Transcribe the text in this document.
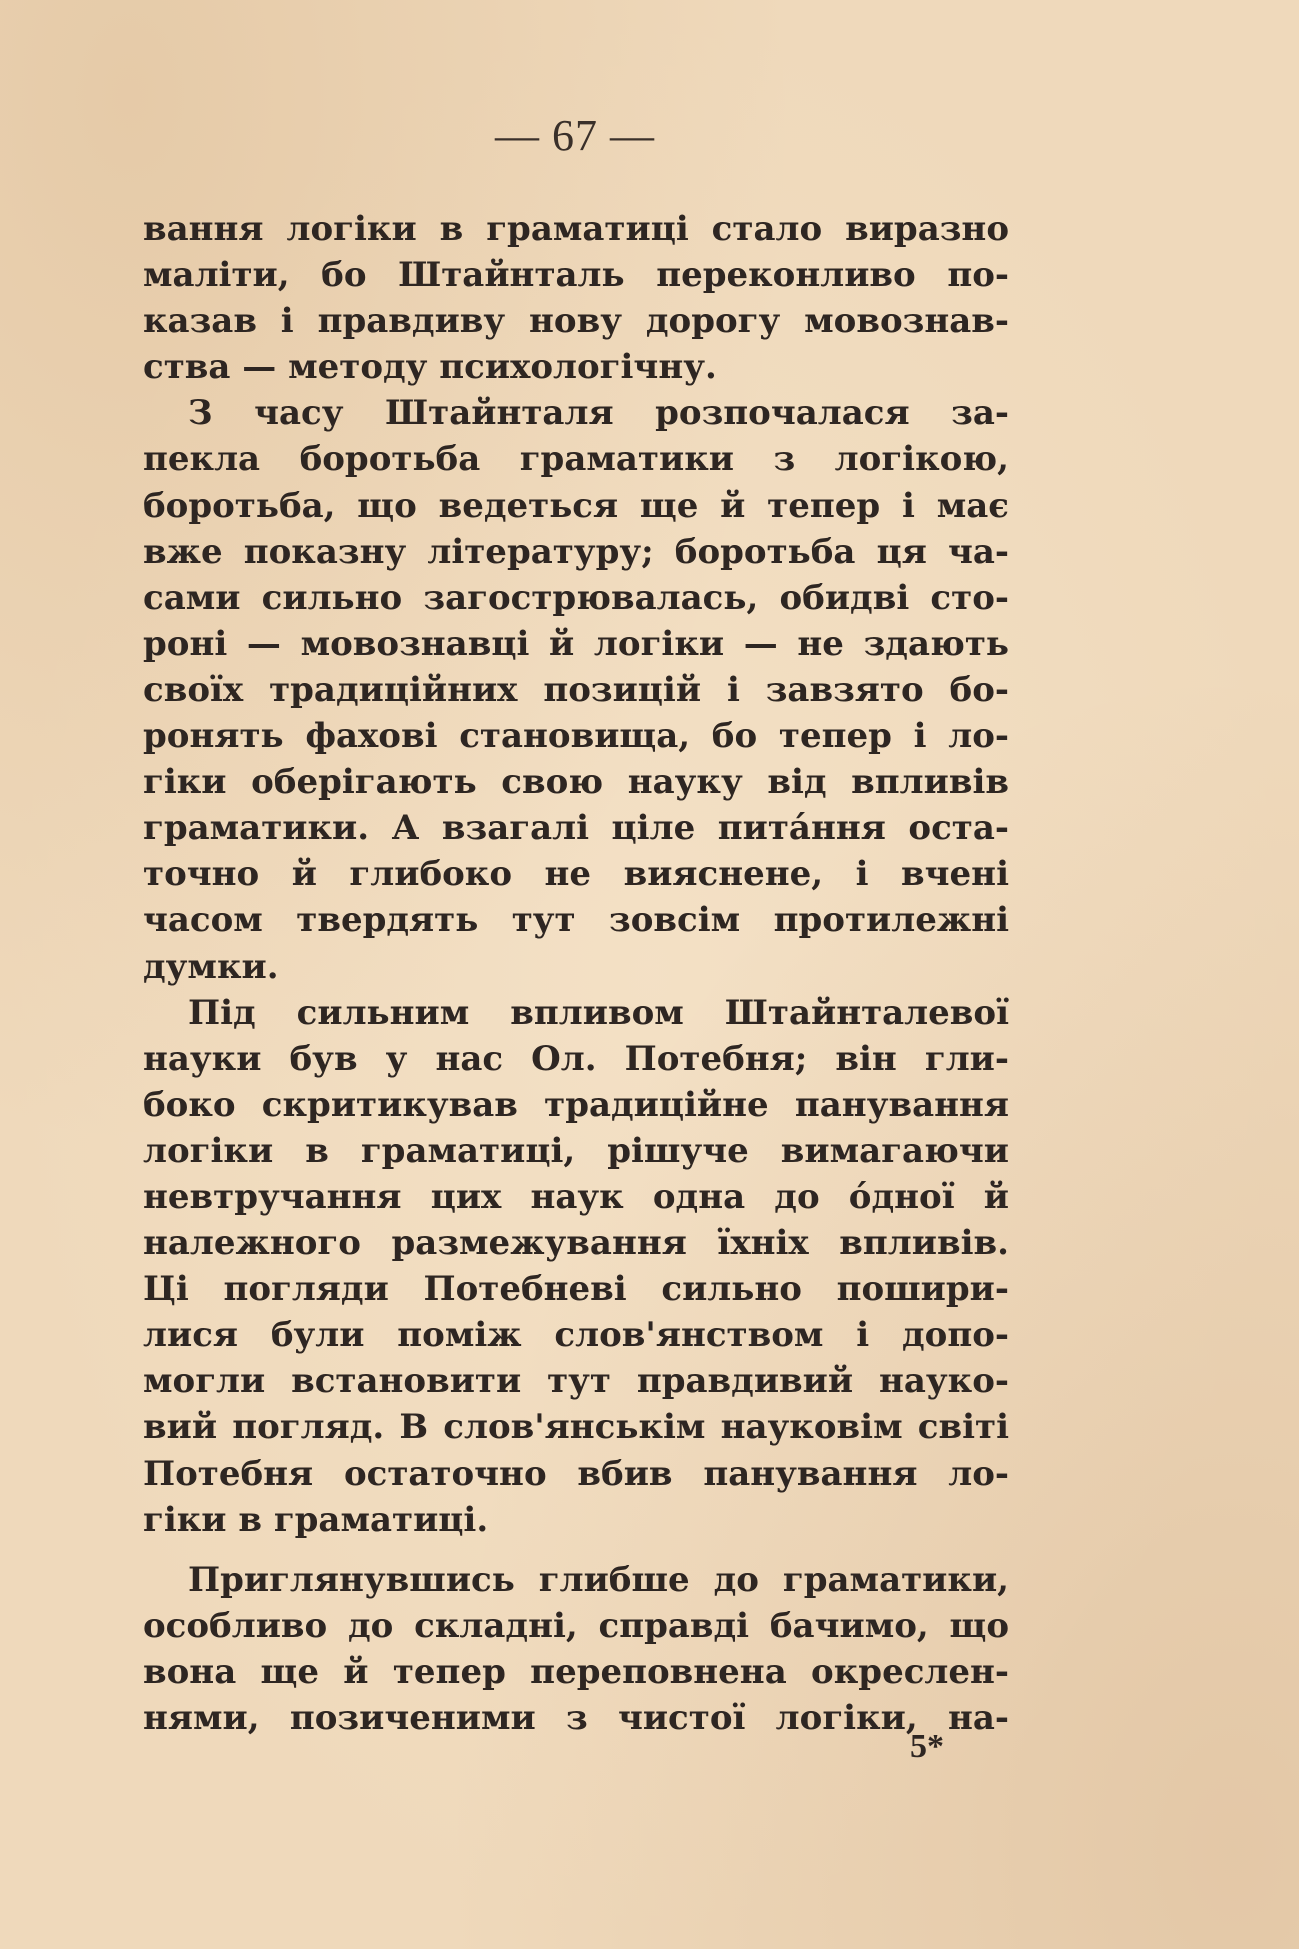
— 67 —
вання логіки в граматиці стало виразно
маліти, бо Штайнталь переконливо по-
казав і правдиву нову дорогу мовознав-
ства — методу психологічну.
З часу Штайнталя розпочалася за-
пекла боротьба граматики з логікою,
боротьба, що ведеться ще й тепер і має
вже показну літературу; боротьба ця ча-
сами сильно загострювалась, обидві сто-
роні — мовознавці й логіки — не здають
своїх традиційних позицій і завзято бо-
ронять фахові становища, бо тепер і ло-
гіки оберігають свою науку від впливів
граматики. А взагалі ціле питáння оста-
точно й глибоко не вияснене, і вчені
часом твердять тут зовсім протилежні
думки.
Під сильним впливом Штайнталевої
науки був у нас Ол. Потебня; він гли-
боко скритикував традиційне панування
логіки в граматиці, рішуче вимагаючи
невтручання цих наук одна до óдної й
належного размежування їхніх впливів.
Ці погляди Потебневі сильно пошири-
лися були поміж слов'янством і допо-
могли встановити тут правдивий науко-
вий погляд. В слов'янськім науковім світі
Потебня остаточно вбив панування ло-
гіки в граматиці.
Приглянувшись глибше до граматики,
особливо до складні, справді бачимо, що
вона ще й тепер переповнена окреслен-
нями, позиченими з чистої логіки, на-
5*
